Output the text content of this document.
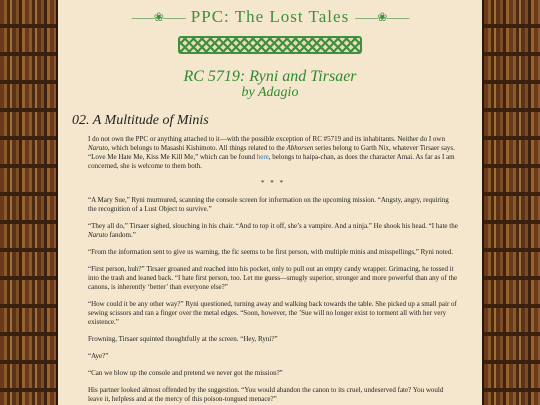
――❀―― PPC: The Lost Tales ――❀――
RC 5719: Ryni and Tirsaer
by Adagio
02. A Multitude of Minis

I do not own the PPC or anything attached to it—with the possible exception of RC #5719 and its inhabitants. Neither do I own Naruto, which belongs to Masashi Kishimoto. All things related to the Abhorsen series belong to Garth Nix, whatever Tirsaer says. “Love Me Hate Me, Kiss Me Kill Me,” which can be found here, belongs to haipa-chan, as does the character Amai. As far as I am concerned, she is welcome to them both.

* * *

“A Mary Sue,” Ryni murmured, scanning the console screen for information on the upcoming mission. “Angsty, angry, requiring the recognition of a Lust Object to survive.”

“They all do,” Tirsaer sighed, slouching in his chair. “And to top it off, she’s a vampire. And a ninja.” He shook his head. “I hate the Naruto fandom.”

“From the information sent to give us warning, the fic seems to be first person, with multiple minis and misspellings,” Ryni noted.

“First person, huh?” Tirsaer groaned and reached into his pocket, only to pull out an empty candy wrapper. Grimacing, he tossed it into the trash and leaned back. “I hate first person, too. Let me guess—smugly superior, stronger and more powerful than any of the canons, is inherently ‘better’ than everyone else?”

“How could it be any other way?” Ryni questioned, turning away and walking back towards the table. She picked up a small pair of sewing scissors and ran a finger over the metal edges. “Soon, however, the ’Sue will no longer exist to torment all with her very existence.”

Frowning, Tirsaer squinted thoughtfully at the screen. “Hey, Ryni?”

“Aye?”

“Can we blow up the console and pretend we never got the mission?”

His partner looked almost offended by the suggestion. “You would abandon the canon to its cruel, undeserved fate? You would leave it, helpless and at the mercy of this poison-tongued menace?”
